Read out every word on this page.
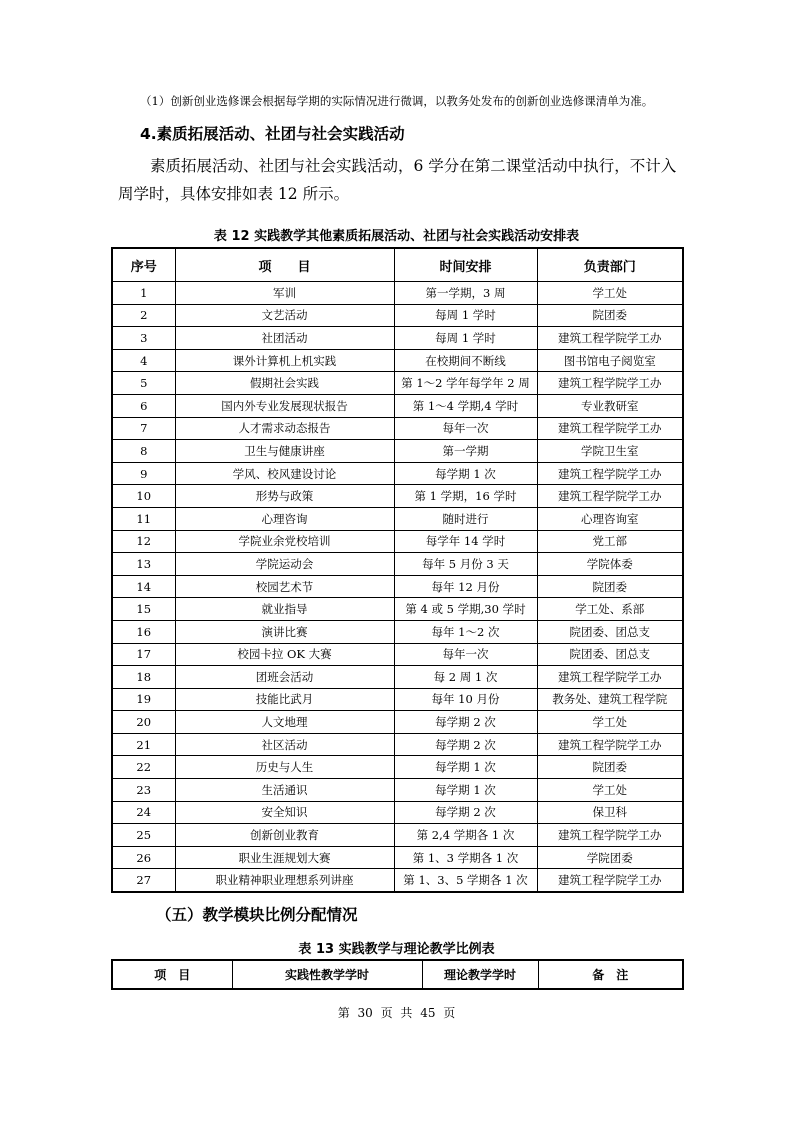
（1）创新创业选修课会根据每学期的实际情况进行微调，以教务处发布的创新创业选修课清单为准。
4.素质拓展活动、社团与社会实践活动
素质拓展活动、社团与社会实践活动，6 学分在第二课堂活动中执行，不计入周学时，具体安排如表 12 所示。
表 12 实践教学其他素质拓展活动、社团与社会实践活动安排表
序号	项　　目	时间安排	负责部门
1	军训	第一学期，3 周	学工处
2	文艺活动	每周 1 学时	院团委
3	社团活动	每周 1 学时	建筑工程学院学工办
4	课外计算机上机实践	在校期间不断线	图书馆电子阅览室
5	假期社会实践	第 1～2 学年每学年 2 周	建筑工程学院学工办
6	国内外专业发展现状报告	第 1～4 学期,4 学时	专业教研室
7	人才需求动态报告	每年一次	建筑工程学院学工办
8	卫生与健康讲座	第一学期	学院卫生室
9	学风、校风建设讨论	每学期 1 次	建筑工程学院学工办
10	形势与政策	第 1 学期，16 学时	建筑工程学院学工办
11	心理咨询	随时进行	心理咨询室
12	学院业余党校培训	每学年 14 学时	党工部
13	学院运动会	每年 5 月份 3 天	学院体委
14	校园艺术节	每年 12 月份	院团委
15	就业指导	第 4 或 5 学期,30 学时	学工处、系部
16	演讲比赛	每年 1～2 次	院团委、团总支
17	校园卡拉 OK 大赛	每年一次	院团委、团总支
18	团班会活动	每 2 周 1 次	建筑工程学院学工办
19	技能比武月	每年 10 月份	教务处、建筑工程学院
20	人文地理	每学期 2 次	学工处
21	社区活动	每学期 2 次	建筑工程学院学工办
22	历史与人生	每学期 1 次	院团委
23	生活通识	每学期 1 次	学工处
24	安全知识	每学期 2 次	保卫科
25	创新创业教育	第 2,4 学期各 1 次	建筑工程学院学工办
26	职业生涯规划大赛	第 1、3 学期各 1 次	学院团委
27	职业精神职业理想系列讲座	第 1、3、5 学期各 1 次	建筑工程学院学工办
（五）教学模块比例分配情况
表 13 实践教学与理论教学比例表
项　目	实践性教学学时	理论教学学时	备　注
第 30 页 共 45 页
